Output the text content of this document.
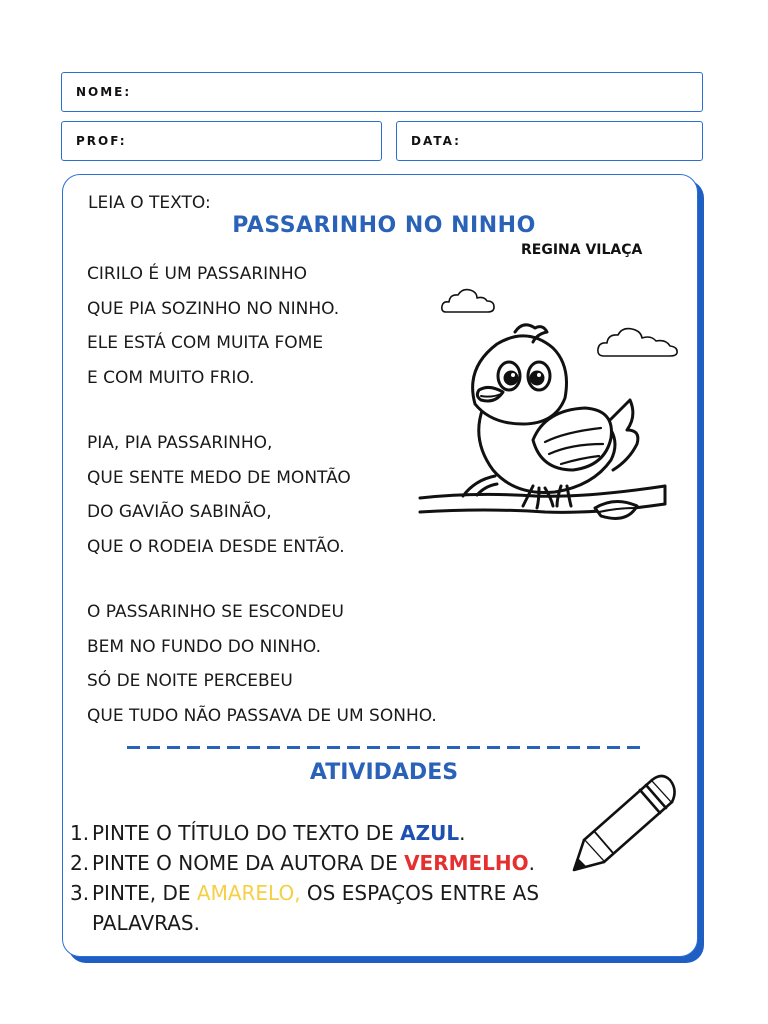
NOME:
PROF:	DATA:
LEIA O TEXTO:
PASSARINHO NO NINHO
REGINA VILAÇA
CIRILO É UM PASSARINHO
QUE PIA SOZINHO NO NINHO.
ELE ESTÁ COM MUITA FOME
E COM MUITO FRIO.
PIA, PIA PASSARINHO,
QUE SENTE MEDO DE MONTÃO
DO GAVIÃO SABINÃO,
QUE O RODEIA DESDE ENTÃO.
O PASSARINHO SE ESCONDEU
BEM NO FUNDO DO NINHO.
SÓ DE NOITE PERCEBEU
QUE TUDO NÃO PASSAVA DE UM SONHO.
ATIVIDADES
1. PINTE O TÍTULO DO TEXTO DE AZUL.
2. PINTE O NOME DA AUTORA DE VERMELHO.
3. PINTE, DE AMARELO, OS ESPAÇOS ENTRE AS
PALAVRAS.
